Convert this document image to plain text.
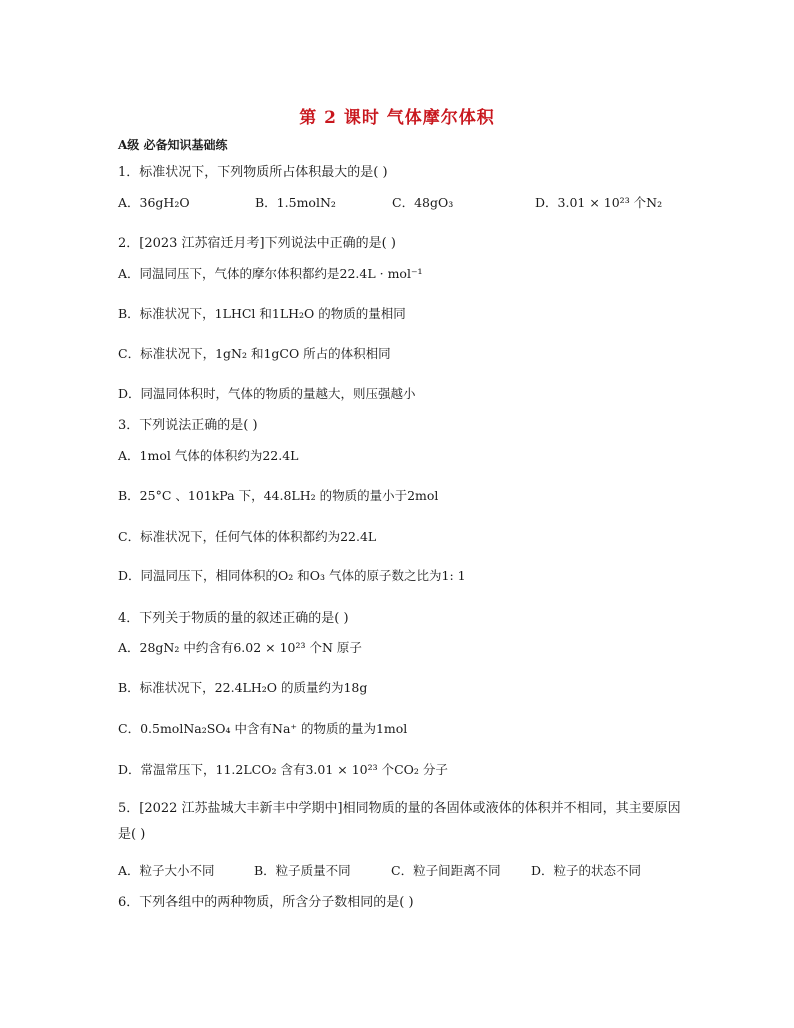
第 2 课时 气体摩尔体积
A级 必备知识基础练
1．标准状况下，下列物质所占体积最大的是( )
A．36gH₂O	B．1.5molN₂	C．48gO₃	D．3.01 × 10²³ 个N₂
2．[2023 江苏宿迁月考]下列说法中正确的是( )
A．同温同压下，气体的摩尔体积都约是22.4L · mol⁻¹
B．标准状况下，1LHCl 和1LH₂O 的物质的量相同
C．标准状况下，1gN₂ 和1gCO 所占的体积相同
D．同温同体积时，气体的物质的量越大，则压强越小
3．下列说法正确的是( )
A．1mol 气体的体积约为22.4L
B．25°C 、101kPa 下，44.8LH₂ 的物质的量小于2mol
C．标准状况下，任何气体的体积都约为22.4L
D．同温同压下，相同体积的O₂ 和O₃ 气体的原子数之比为1: 1
4．下列关于物质的量的叙述正确的是( )
A．28gN₂ 中约含有6.02 × 10²³ 个N 原子
B．标准状况下，22.4LH₂O 的质量约为18g
C．0.5molNa₂SO₄ 中含有Na⁺ 的物质的量为1mol
D．常温常压下，11.2LCO₂ 含有3.01 × 10²³ 个CO₂ 分子
5．[2022 江苏盐城大丰新丰中学期中]相同物质的量的各固体或液体的体积并不相同，其主要原因是( )
A．粒子大小不同	B．粒子质量不同	C．粒子间距离不同 D．粒子的状态不同
6．下列各组中的两种物质，所含分子数相同的是( )
